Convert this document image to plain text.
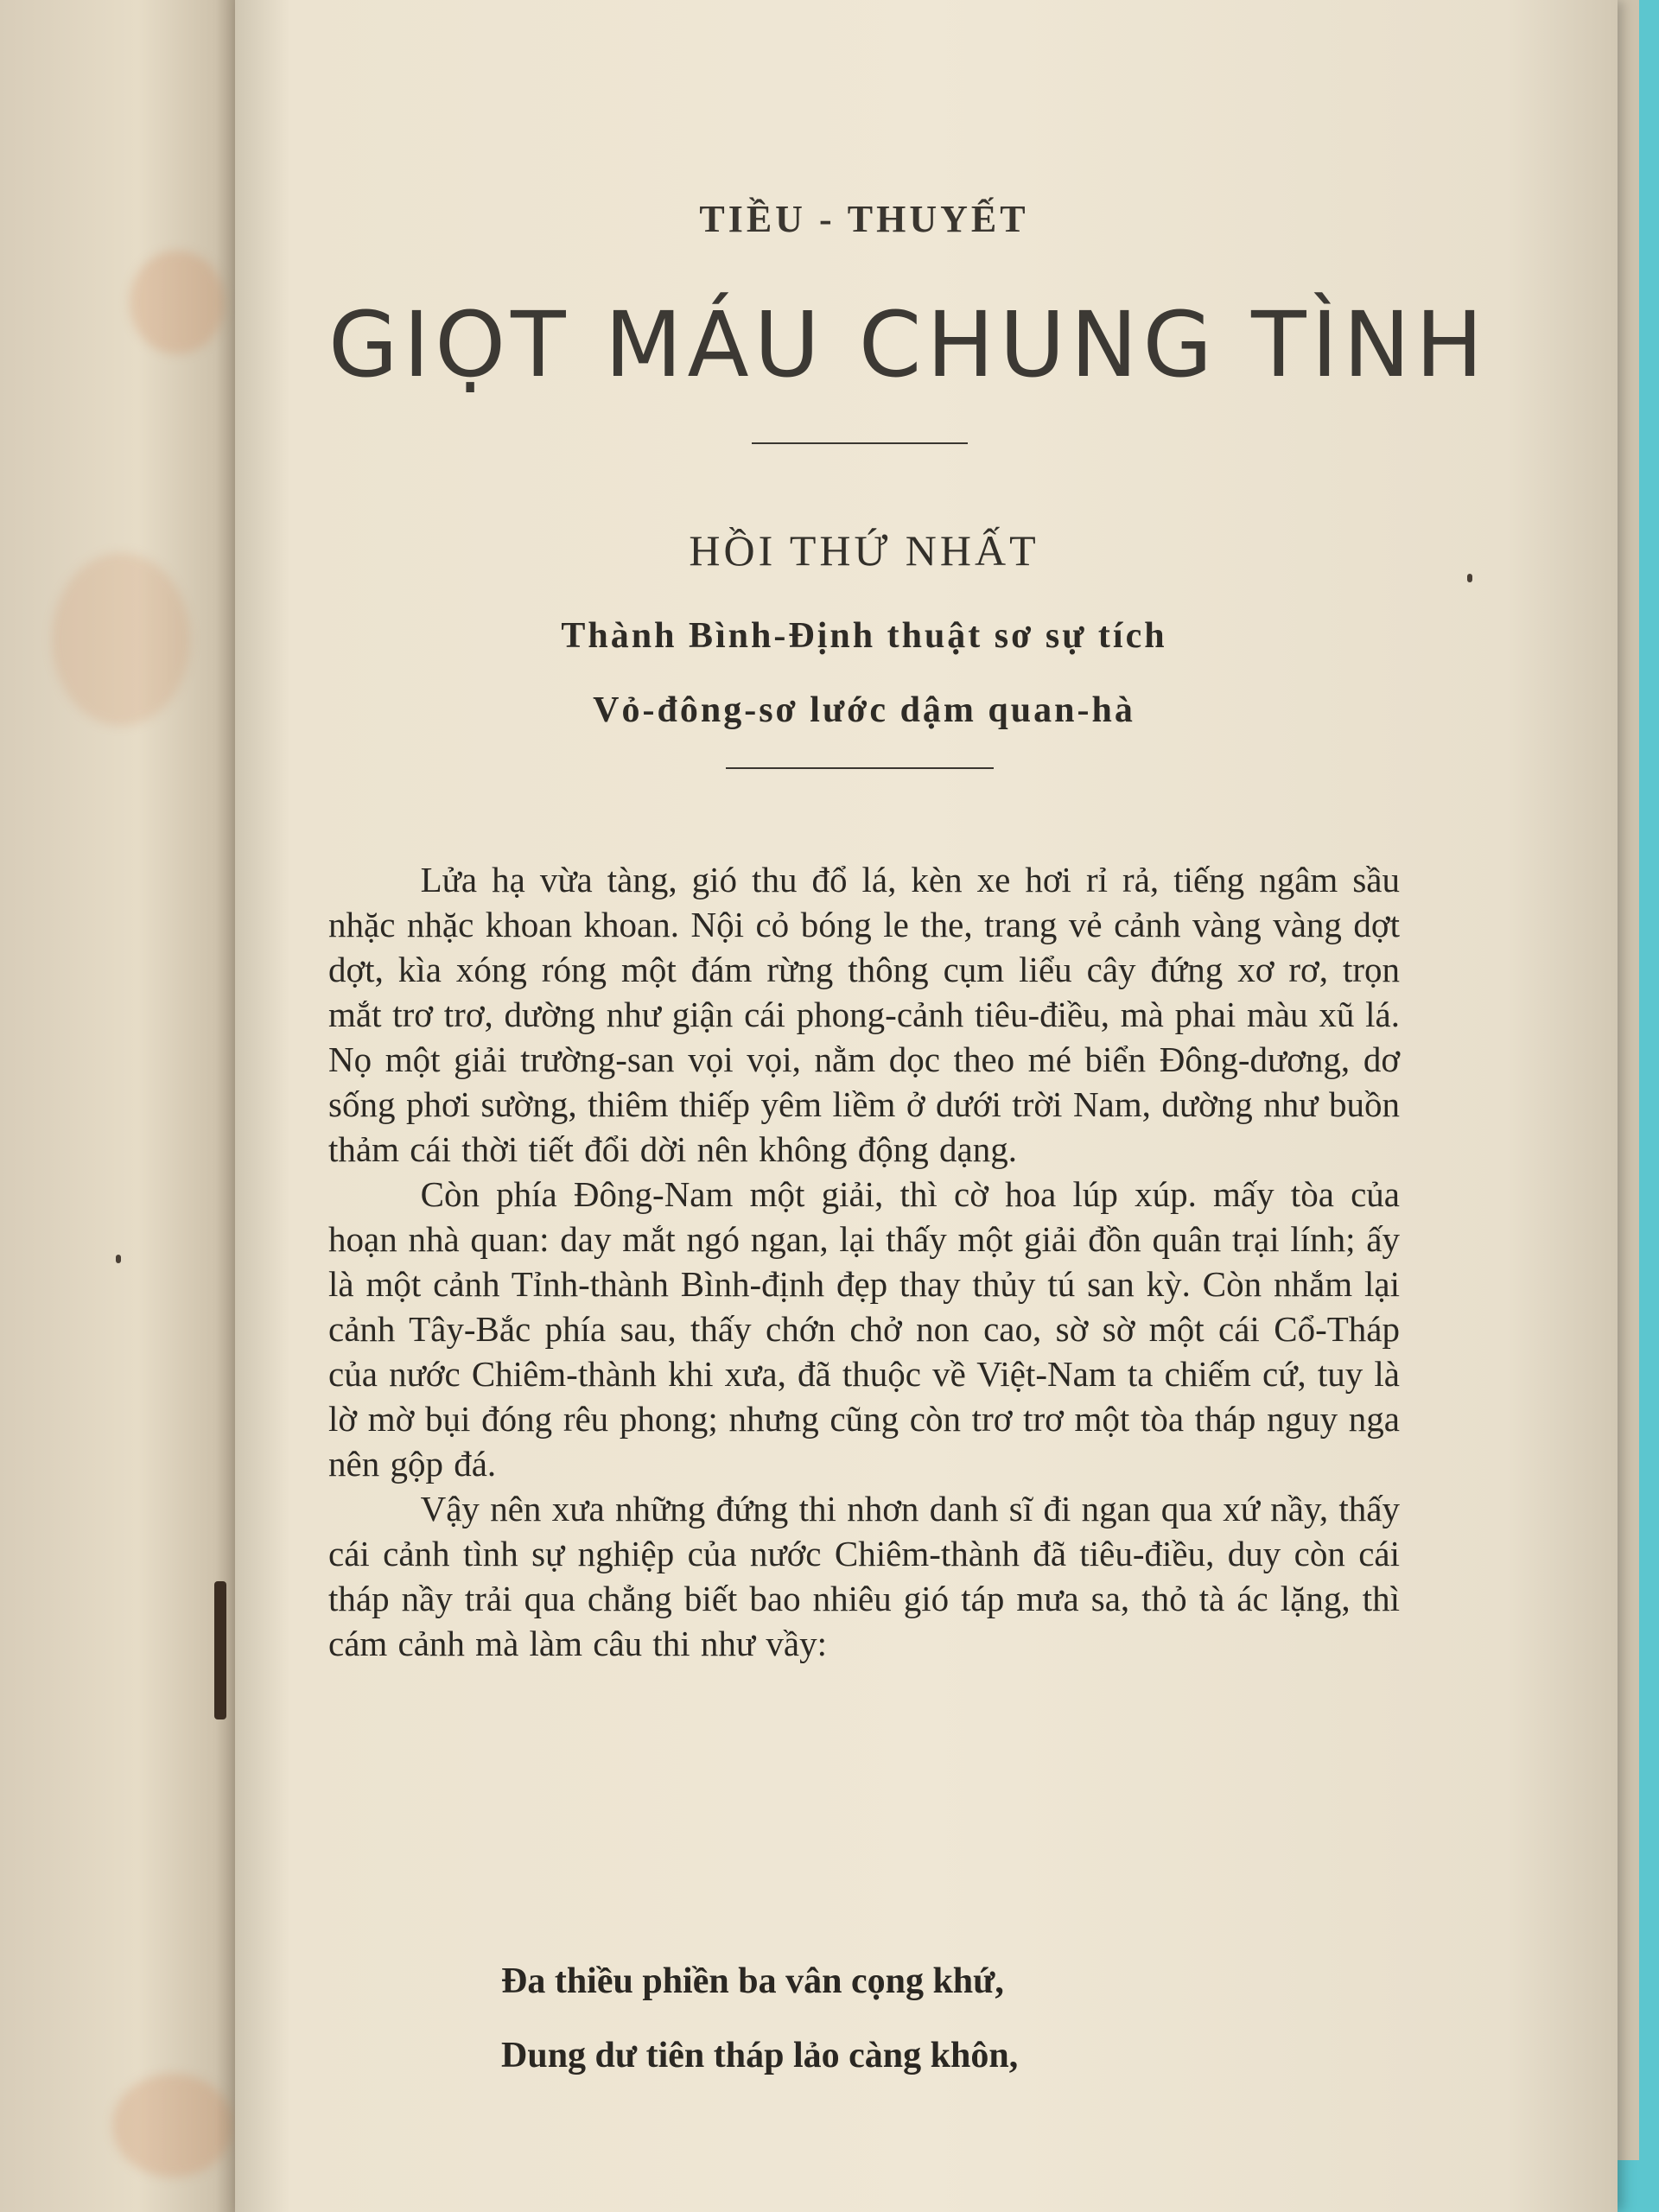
TIỀU - THUYẾT
GIỌT MÁU CHUNG TÌNH
HỒI THỨ NHẤT
Thành Bình-Định thuật sơ sự tích
Vỏ-đông-sơ lước dậm quan-hà

Lửa hạ vừa tàng, gió thu đổ lá, kèn xe hơi rỉ rả, tiếng ngâm sầu nhặc nhặc khoan khoan. Nội cỏ bóng le the, trang vẻ cảnh vàng vàng dợt dợt, kìa xóng róng một đám rừng thông cụm liểu cây đứng xơ rơ, trọn mắt trơ trơ, dường như giận cái phong-cảnh tiêu-điều, mà phai màu xũ lá. Nọ một giải trường-san vọi vọi, nằm dọc theo mé biển Đông-dương, dơ sống phơi sường, thiêm thiếp yêm liềm ở dưới trời Nam, dường như buồn thảm cái thời tiết đổi dời nên không động dạng.

Còn phía Đông-Nam một giải, thì cờ hoa lúp xúp. mấy tòa của hoạn nhà quan: day mắt ngó ngan, lại thấy một giải đồn quân trại lính; ấy là một cảnh Tỉnh-thành Bình-định đẹp thay thủy tú san kỳ. Còn nhắm lại cảnh Tây-Bắc phía sau, thấy chớn chở non cao, sờ sờ một cái Cổ-Tháp của nước Chiêm-thành khi xưa, đã thuộc về Việt-Nam ta chiếm cứ, tuy là lờ mờ bụi đóng rêu phong; nhưng cũng còn trơ trơ một tòa tháp nguy nga nên gộp đá.

Vậy nên xưa những đứng thi nhơn danh sĩ đi ngan qua xứ nầy, thấy cái cảnh tình sự nghiệp của nước Chiêm-thành đã tiêu-điều, duy còn cái tháp nầy trải qua chẳng biết bao nhiêu gió táp mưa sa, thỏ tà ác lặng, thì cám cảnh mà làm câu thi như vầy:

Đa thiều phiền ba vân cọng khứ,
Dung dư tiên tháp lảo càng khôn,
